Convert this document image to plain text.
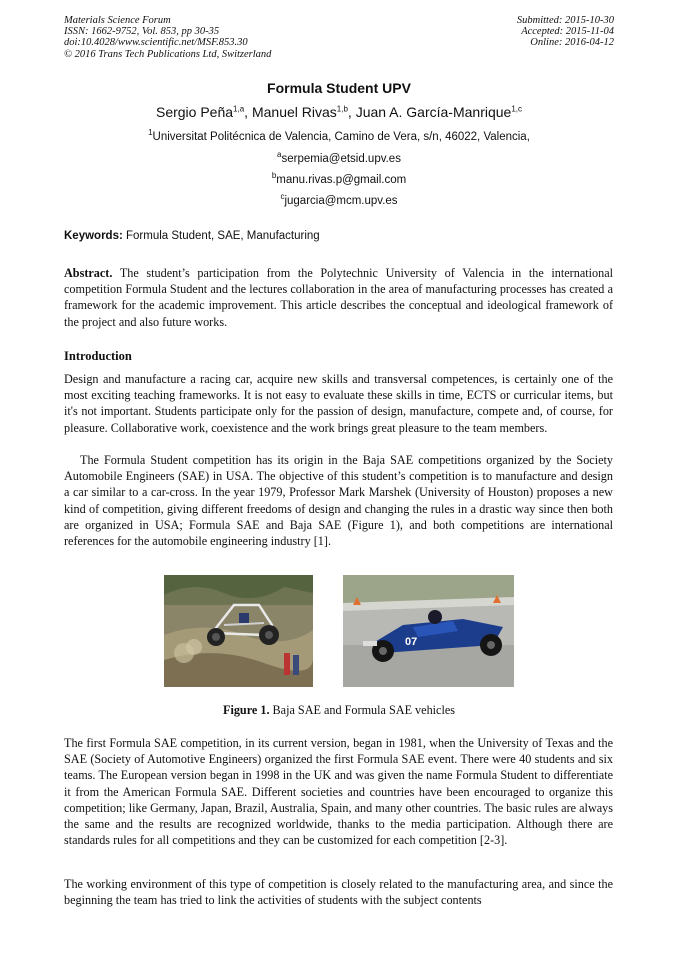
Materials Science Forum
ISSN: 1662-9752, Vol. 853, pp 30-35
doi:10.4028/www.scientific.net/MSF.853.30
© 2016 Trans Tech Publications Ltd, Switzerland
Submitted: 2015-10-30
Accepted: 2015-11-04
Online: 2016-04-12
Formula Student UPV
Sergio Peña$^{1,a}$, Manuel Rivas$^{1,b}$, Juan A. García-Manrique$^{1,c}$
$^1$Universitat Politécnica de Valencia, Camino de Vera, s/n, 46022, Valencia,
$^a$serpemia@etsid.upv.es
$^b$manu.rivas.p@gmail.com
$^c$jugarcia@mcm.upv.es
Keywords: Formula Student, SAE, Manufacturing
Abstract. The student’s participation from the Polytechnic University of Valencia in the international competition Formula Student and the lectures collaboration in the area of manufacturing processes has created a framework for the academic improvement. This article describes the conceptual and ideological framework of the project and also future works.
Introduction
Design and manufacture a racing car, acquire new skills and transversal competences, is certainly one of the most exciting teaching frameworks. It is not easy to evaluate these skills in time, ECTS or curricular items, but it's not important. Students participate only for the passion of design, manufacture, compete and, of course, for pleasure. Collaborative work, coexistence and the work brings great pleasure to the team members.
The Formula Student competition has its origin in the Baja SAE competitions organized by the Society Automobile Engineers (SAE) in USA. The objective of this student’s competition is to manufacture and design a car similar to a car-cross. In the year 1979, Professor Mark Marshek (University of Houston) proposes a new kind of competition, giving different freedoms of design and changing the rules in a drastic way since then both are organized in USA; Formula SAE and Baja SAE (Figure 1), and both competitions are international references for the automobile engineering industry [1].
07
Figure 1. Baja SAE and Formula SAE vehicles
The first Formula SAE competition, in its current version, began in 1981, when the University of Texas and the SAE (Society of Automotive Engineers) organized the first Formula SAE event. There were 40 students and six teams. The European version began in 1998 in the UK and was given the name Formula Student to differentiate it from the American Formula SAE. Different societies and countries have been encouraged to organize this competition; like Germany, Japan, Brazil, Australia, Spain, and many other countries. The basic rules are always the same and the results are recognized worldwide, thanks to the media participation. Although there are standards rules for all competitions and they can be customized for each competition [2-3].
The working environment of this type of competition is closely related to the manufacturing area, and since the beginning the team has tried to link the activities of students with the subject contents
